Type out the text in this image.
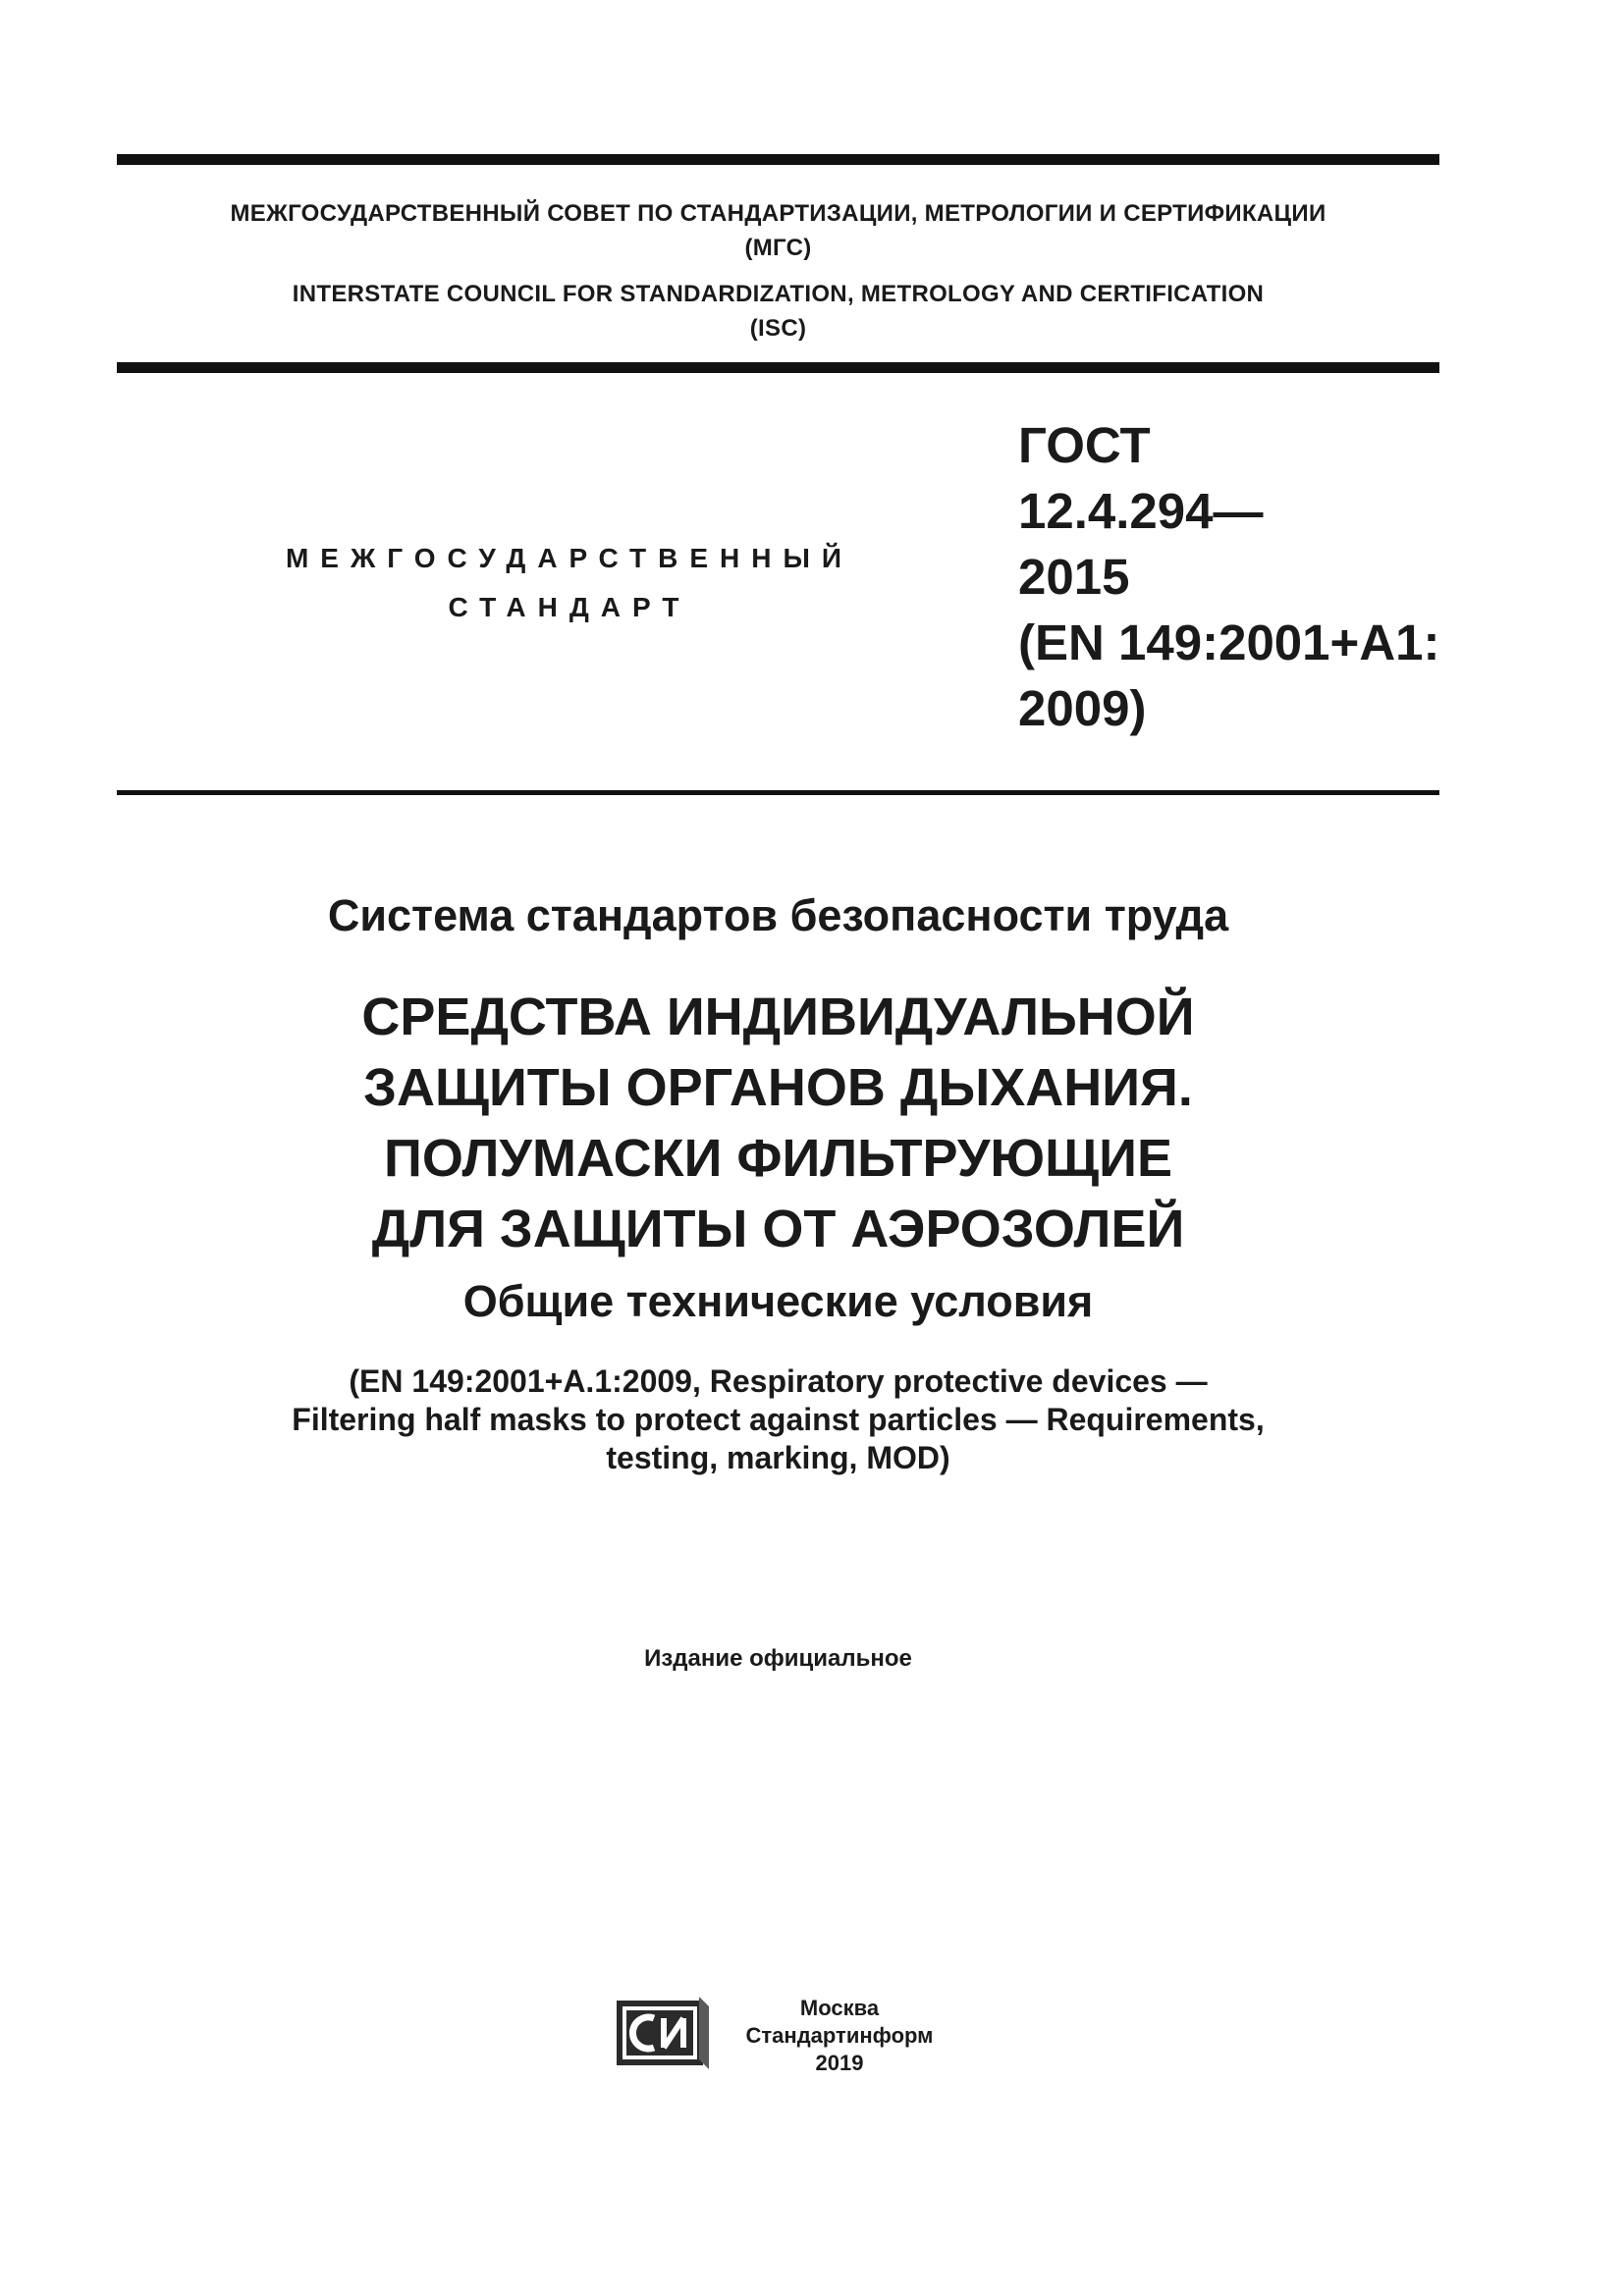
МЕЖГОСУДАРСТВЕННЫЙ СОВЕТ ПО СТАНДАРТИЗАЦИИ, МЕТРОЛОГИИ И СЕРТИФИКАЦИИ
(МГС)
INTERSTATE COUNCIL FOR STANDARDIZATION, METROLOGY AND CERTIFICATION
(ISC)
МЕЖГОСУДАРСТВЕННЫЙ
СТАНДАРТ
ГОСТ
12.4.294—
2015
(EN 149:2001+A1:
2009)
Система стандартов безопасности труда
СРЕДСТВА ИНДИВИДУАЛЬНОЙ
ЗАЩИТЫ ОРГАНОВ ДЫХАНИЯ.
ПОЛУМАСКИ ФИЛЬТРУЮЩИЕ
ДЛЯ ЗАЩИТЫ ОТ АЭРОЗОЛЕЙ
Общие технические условия
(EN 149:2001+A.1:2009, Respiratory protective devices —
Filtering half masks to protect against particles — Requirements,
testing, marking, MOD)
Издание официальное
Москва
Стандартинформ
2019
